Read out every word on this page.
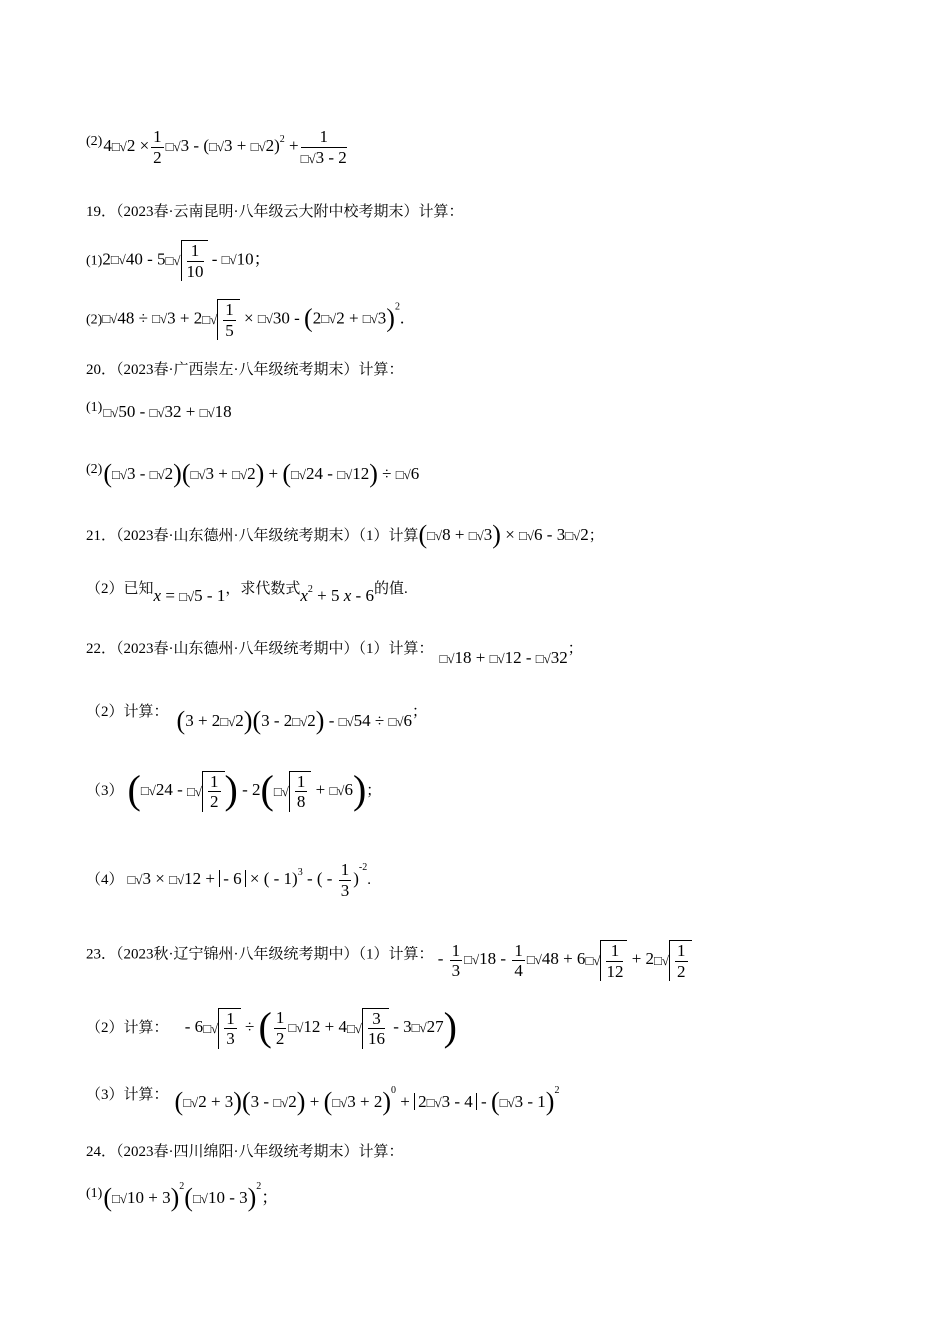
$^{(2)}$4□√ $2 \times \frac{1}{2}$
□√ 3 - (□√ 3 + □√2)$^2$ + 1
□√3 - 2
19．（2023春·云南昆明·八年级云大附中校考期末）计算：
(1)2□√ 40 - 5□√ $\frac{1}{10}$ - □√10；
(2)□√ 48 ÷ □√3 + 2□√ $\frac{1}{5}$ × □√30 - (2□√ 2 + □√3)$^2$.
20．（2023春·广西崇左·八年级统考期末）计算：
$^{(1)}$□√ 50 - □√32 + □√18
$^{(2)}$(□√ 3 - □√2)(□√ 3 + □√2) + (□√ 24 - □√12) ÷ □√6
21．（2023春·山东德州·八年级统考期末）（1）计算(□√ 8 + □√3) × □√6 - 3□√ 2；
（2）已知x = □√5 - 1，求代数式$x^2 + 5$ x - 6的值.
22．（2023春·山东德州·八年级统考期中）（1）计算：□√ 18 + □√12 - □√32；
（2）计算： (3 + 2□√ 2)(3 - 2□√ 2) - □√54 ÷ □√6；
（3） (□√ 24 - □√ $\frac{1}{2}$ ) - 2(□√ $\frac{1}{8}$ + □√6)；
（4）□√ 3 × □√12 + - 6 × ( - 1)$^3$ - ( - $\frac{1}{3} )^{-2}$.
23．（2023秋·辽宁锦州·八年级统考期中）（1）计算： - $\frac{1}{3}$
□√ $18 - \frac{1}{4}$
□√ 48 + 6□√ $\frac{1}{12}$ + 2□√ $\frac{1}{2}$
（2）计算： - 6□√ $\frac{1}{3}$ ÷ ( $\frac{1}{2}$
□√ 12 + 4□√ $\frac{3}{16}$ - 3□√ 27)
（3）计算： (□√ 2 + 3)(3 - □√2) + (□√ 3 + 2)$^0$ + 2□√ 3 - 4 - (□√ 3 - 1)$^2$
24．（2023春·四川绵阳·八年级统考期末）计算：
$^{(1)}$(□√ 10 + 3)$^2$(□√ 10 - 3)$^2$；
